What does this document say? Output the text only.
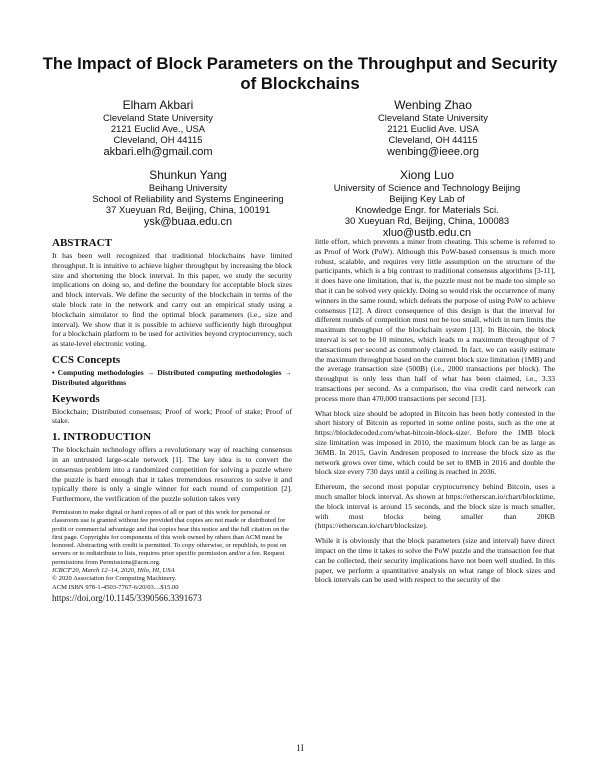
The Impact of Block Parameters on the Throughput and Security of Blockchains
Elham Akbari
Cleveland State University
2121 Euclid Ave., USA
Cleveland, OH 44115
akbari.elh@gmail.com
Wenbing Zhao
Cleveland State University
2121 Euclid Ave. USA
Cleveland, OH 44115
wenbing@ieee.org
Shunkun Yang
Beihang University
School of Reliability and Systems Engineering
37 Xueyuan Rd, Beijing, China, 100191
ysk@buaa.edu.cn
Xiong Luo
University of Science and Technology Beijing
Beijing Key Lab of
Knowledge Engr. for Materials Sci.
30 Xueyuan Rd, Beijing, China, 100083
xluo@ustb.edu.cn
ABSTRACT

It has been well recognized that traditional blockchains have limited throughput. It is intuitive to achieve higher throughput by increasing the block size and shortening the block interval. In this paper, we study the security implications on doing so, and define the boundary for acceptable block sizes and block intervals. We define the security of the blockchain in terms of the stale block rate in the network and carry out an empirical study using a blockchain simulator to find the optimal block parameters (i.e., size and interval). We show that it is possible to achieve sufficiently high throughput for a blockchain platform to be used for activities beyond cryptocurrency, such as state-level electronic voting.

CCS Concepts

• Computing methodologies → Distributed computing methodologies → Distributed algorithms

Keywords

Blockchain; Distributed consensus; Proof of work; Proof of stake; Proof of stake.

1. INTRODUCTION

The blockchain technology offers a revolutionary way of reaching consensus in an untrusted large-scale network [1]. The key idea is to convert the consensus problem into a randomized competition for solving a puzzle where the puzzle is hard enough that it takes tremendous resources to solve it and typically there is only a single winner for each round of competition [2]. Furthermore, the verification of the puzzle solution takes very

Permission to make digital or hard copies of all or part of this work for personal or classroom use is granted without fee provided that copies are not made or distributed for profit or commercial advantage and that copies bear this notice and the full citation on the first page. Copyrights for components of this work owned by others than ACM must be honored. Abstracting with credit is permitted. To copy otherwise, or republish, to post on servers or to redistribute to lists, requires prior specific permission and/or a fee. Request permissions from Permissions@acm.org.

ICBCT'20, March 12–14, 2020, Hilo, HI, USA

© 2020 Association for Computing Machinery.

ACM ISBN 978-1-4503-7767-6/20/03…$15.00

https://doi.org/10.1145/3390566.3391673

little effort, which prevents a miner from cheating. This scheme is referred to as Proof of Work (PoW). Although this PoW-based consensus is much more robust, scalable, and requires very little assumption on the structure of the participants, which is a big contrast to traditional consensus algorithms [3-11], it does have one limitation, that is, the puzzle must not be made too simple so that it can be solved very quickly. Doing so would risk the occurrence of many winners in the same round, which defeats the purpose of using PoW to achieve consensus [12]. A direct consequence of this design is that the interval for different rounds of competition must not be too small, which in turn limits the maximum throughput of the blockchain system [13]. In Bitcoin, the block interval is set to be 10 minutes, which leads to a maximum throughput of 7 transactions per second as commonly claimed. In fact, we can easily estimate the maximum throughput based on the current block size limitation (1MB) and the average transaction size (500B) (i.e., 2000 transactions per block). The throughput is only less than half of what has been claimed, i.e., 3.33 transactions per second. As a comparison, the visa credit card network can process more than 470,000 transactions per second [13].

What block size should be adopted in Bitcoin has been hotly contested in the short history of Bitcoin as reported in some online posts, such as the one at https://blockdecoded.com/what-bitcoin-block-size/. Before the 1MB block size limitation was imposed in 2010, the maximum block can be as large as 36MB. In 2015, Gavin Andresen proposed to increase the block size as the network grows over time, which could be set to 8MB in 2016 and double the block size every 730 days until a ceiling is reached in 2036.

Ethereum, the second most popular cryptocurrency behind Bitcoin, uses a much smaller block interval. As shown at https://etherscan.io/chart/blocktime, the block interval is around 15 seconds, and the block size is much smaller, with most blocks being smaller than 20KB (https://etherscan.io/chart/blocksize).

While it is obviously that the block parameters (size and interval) have direct impact on the time it takes to solve the PoW puzzle and the transaction fee that can be collected, their security implications have not been well studied. In this paper, we perform a quantitative analysis on what range of block sizes and block intervals can be used with respect to the security of the

1I
